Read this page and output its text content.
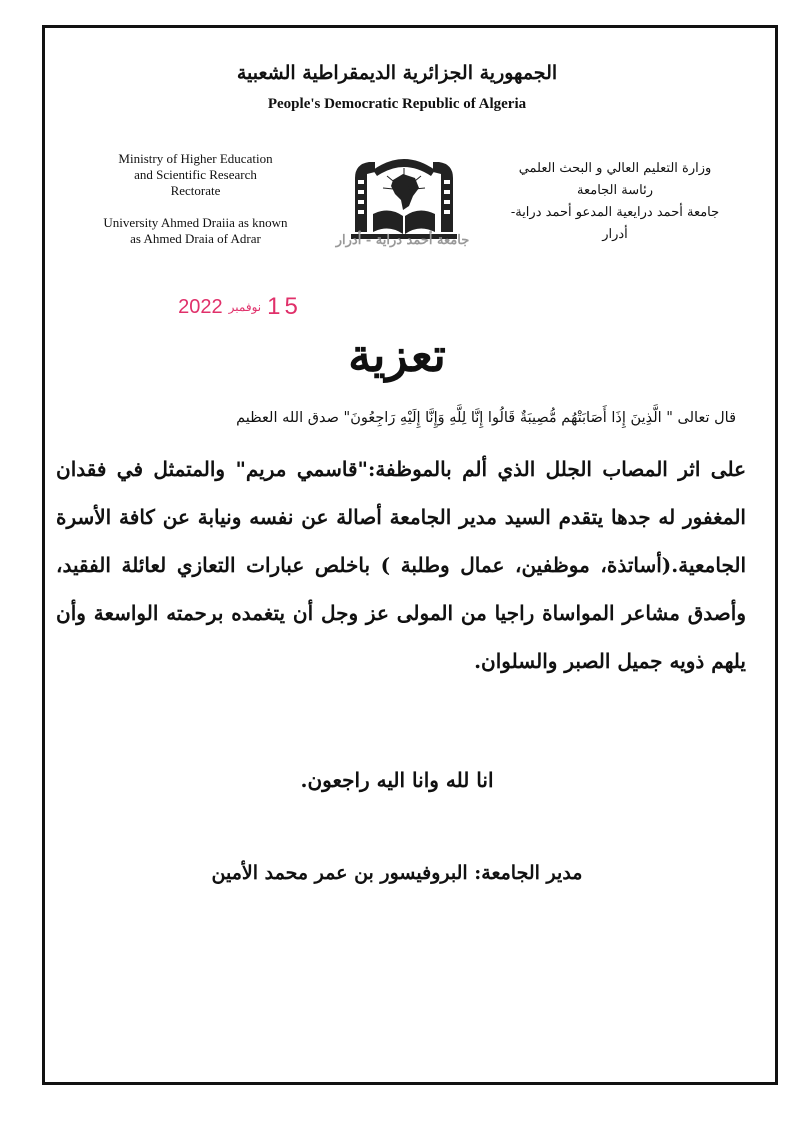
الجمهورية الجزائرية الديمقراطية الشعبية
People's Democratic Republic of Algeria
Ministry of Higher Education
and Scientific Research
Rectorate
University Ahmed Draiia as known
as Ahmed Draia of Adrar
وزارة التعليم العالي و البحث العلمي
رئاسة الجامعة
جامعة أحمد درايعية المدعو أحمد دراية- أدرار
جامعة أحمد دراية - أدرار
15
نوفمبر
2022
تعزية
قال تعالى " الَّذِينَ إِذَا أَصَابَتْهُم مُّصِيبَةٌ قَالُوا إِنَّا لِلَّهِ وَإِنَّا إِلَيْهِ رَاجِعُونَ" صدق الله العظيم
على اثر المصاب الجلل الذي ألم بالموظفة:"قاسمي مريم" والمتمثل في فقدان المغفور له جدها يتقدم السيد مدير الجامعة أصالة عن نفسه ونيابة عن كافة الأسرة الجامعية.(أساتذة، موظفين، عمال وطلبة ) باخلص عبارات التعازي لعائلة الفقيد، وأصدق مشاعر المواساة راجيا من المولى عز وجل أن يتغمده برحمته الواسعة وأن يلهم ذويه جميل الصبر والسلوان.
انا لله وانا اليه راجعون.
مدير الجامعة: البروفيسور بن عمر محمد الأمين
